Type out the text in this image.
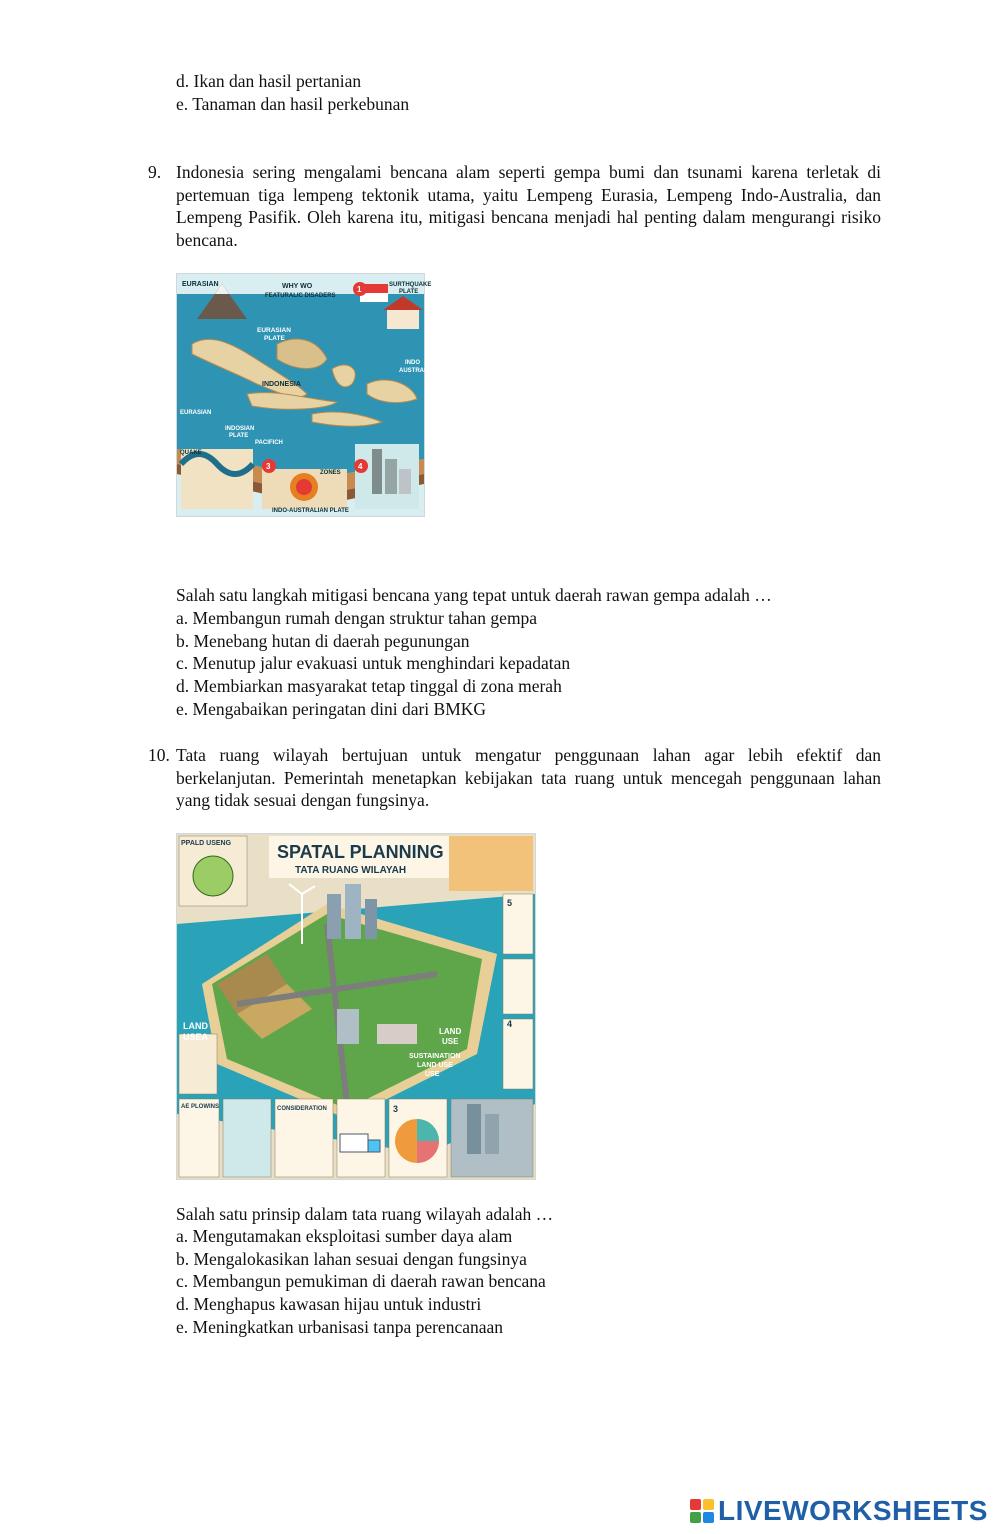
d. Ikan dan hasil pertanian
e. Tanaman dan hasil perkebunan
9. Indonesia sering mengalami bencana alam seperti gempa bumi dan tsunami karena terletak di pertemuan tiga lempeng tektonik utama, yaitu Lempeng Eurasia, Lempeng Indo-Australia, dan Lempeng Pasifik. Oleh karena itu, mitigasi bencana menjadi hal penting dalam mengurangi risiko bencana.
EURASIAN	WHY WO
FEATURALIC DISADERS
SURTHQUAKE
PLATE
EURASIAN
PLATE
INDONESIA
INDO
AUSTRAL
EURASIAN
QUAKE
INDOSIAN
PLATE
PACIFICH
ZONES
INDO-AUSTRALIAN PLATE
1
3	4
Salah satu langkah mitigasi bencana yang tepat untuk daerah rawan gempa adalah …
a. Membangun rumah dengan struktur tahan gempa
b. Menebang hutan di daerah pegunungan
c. Menutup jalur evakuasi untuk menghindari kepadatan
d. Membiarkan masyarakat tetap tinggal di zona merah
e. Mengabaikan peringatan dini dari BMKG
10. Tata ruang wilayah bertujuan untuk mengatur penggunaan lahan agar lebih efektif dan berkelanjutan. Pemerintah menetapkan kebijakan tata ruang untuk mencegah penggunaan lahan yang tidak sesuai dengan fungsinya.
SPATAL PLANNING
TATA RUANG WILAYAH
PPALD USENG
LAND
USEA
LAND
USE
SUSTAINATION
LAND USE
USE
AE PLOWINS	CONSIDERATION
5
4
3
Salah satu prinsip dalam tata ruang wilayah adalah …
a. Mengutamakan eksploitasi sumber daya alam
b. Mengalokasikan lahan sesuai dengan fungsinya
c. Membangun pemukiman di daerah rawan bencana
d. Menghapus kawasan hijau untuk industri
e. Meningkatkan urbanisasi tanpa perencanaan
LIVEWORKSHEETS
